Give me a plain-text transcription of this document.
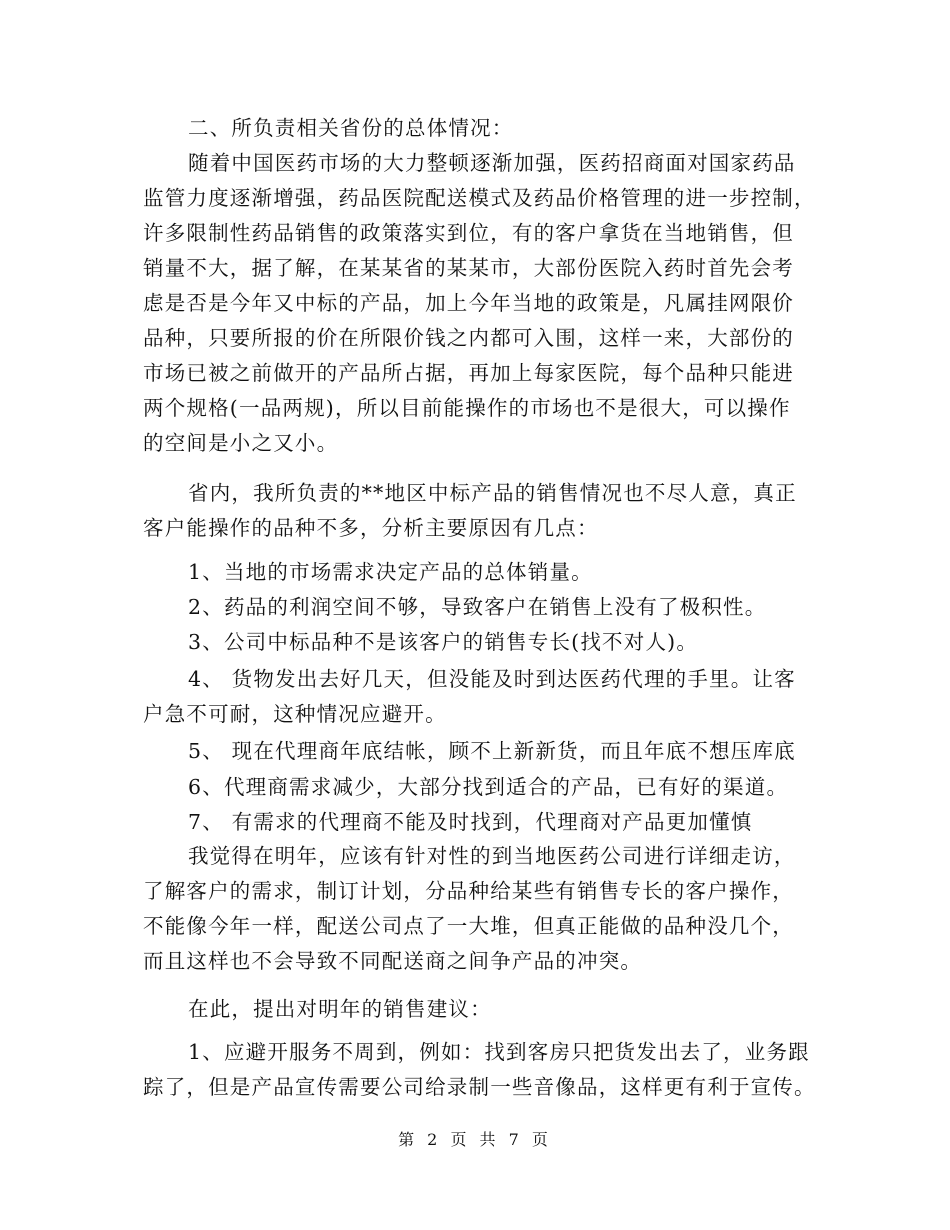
二、所负责相关省份的总体情况：
随着中国医药市场的大力整顿逐渐加强，医药招商面对国家药品
监管力度逐渐增强，药品医院配送模式及药品价格管理的进一步控制，
许多限制性药品销售的政策落实到位，有的客户拿货在当地销售，但
销量不大，据了解，在某某省的某某市，大部份医院入药时首先会考
虑是否是今年又中标的产品，加上今年当地的政策是，凡属挂网限价
品种，只要所报的价在所限价钱之内都可入围，这样一来，大部份的
市场已被之前做开的产品所占据，再加上每家医院，每个品种只能进
两个规格(一品两规)，所以目前能操作的市场也不是很大，可以操作
的空间是小之又小。
省内，我所负责的**地区中标产品的销售情况也不尽人意，真正
客户能操作的品种不多，分析主要原因有几点：
1、当地的市场需求决定产品的总体销量。
2、药品的利润空间不够，导致客户在销售上没有了极积性。
3、公司中标品种不是该客户的销售专长(找不对人)。
4、 货物发出去好几天，但没能及时到达医药代理的手里。让客
户急不可耐，这种情况应避开。
5、 现在代理商年底结帐，顾不上新新货，而且年底不想压库底
6、代理商需求减少，大部分找到适合的产品，已有好的渠道。
7、 有需求的代理商不能及时找到，代理商对产品更加懂慎
我觉得在明年，应该有针对性的到当地医药公司进行详细走访，
了解客户的需求，制订计划，分品种给某些有销售专长的客户操作，
不能像今年一样，配送公司点了一大堆，但真正能做的品种没几个，
而且这样也不会导致不同配送商之间争产品的冲突。
在此，提出对明年的销售建议：
1、应避开服务不周到，例如：找到客房只把货发出去了，业务跟
踪了，但是产品宣传需要公司给录制一些音像品，这样更有利于宣传。
第 2 页 共 7 页
